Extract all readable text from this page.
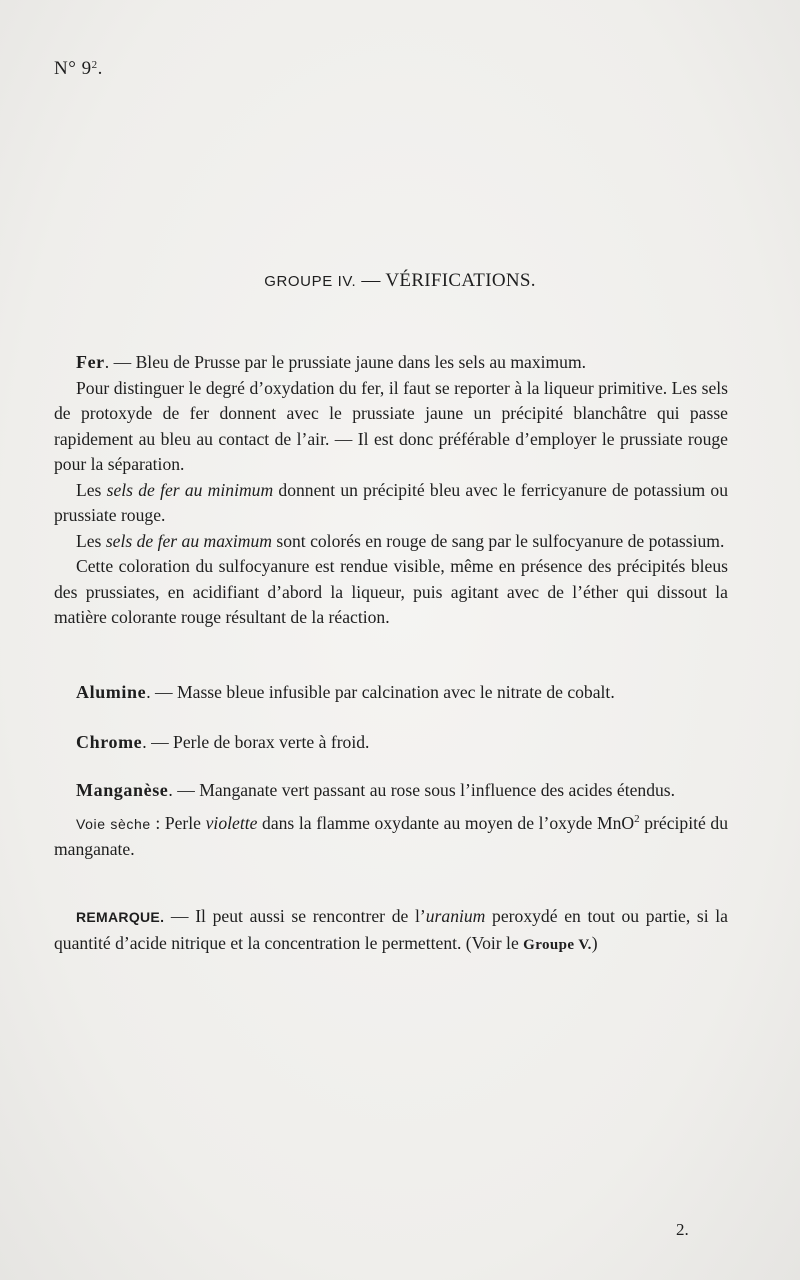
N° $9^2$.
GROUPE IV. — VÉRIFICATIONS.

Fer. — Bleu de Prusse par le prussiate jaune dans les sels au maximum.

Pour distinguer le degré d’oxydation du fer, il faut se reporter à la liqueur primitive. Les sels de protoxyde de fer donnent avec le prussiate jaune un précipité blanchâtre qui passe rapidement au bleu au contact de l’air. — Il est donc préférable d’employer le prussiate rouge pour la séparation.

Les sels de fer au minimum donnent un précipité bleu avec le ferricyanure de potassium ou prussiate rouge.

Les sels de fer au maximum sont colorés en rouge de sang par le sulfocyanure de potassium.

Cette coloration du sulfocyanure est rendue visible, même en présence des précipités bleus des prussiates, en acidifiant d’abord la liqueur, puis agitant avec de l’éther qui dissout la matière colorante rouge résultant de la réaction.

Alumine. — Masse bleue infusible par calcination avec le nitrate de cobalt.

Chrome. — Perle de borax verte à froid.

Manganèse. — Manganate vert passant au rose sous l’influence des acides étendus.

Voie sèche : Perle violette dans la flamme oxydante au moyen de l’oxyde MnO$^2$ précipité du manganate.

REMARQUE. — Il peut aussi se rencontrer de l’uranium peroxydé en tout ou partie, si la quantité d’acide nitrique et la concentration le permettent. (Voir le Groupe V.)

2.
